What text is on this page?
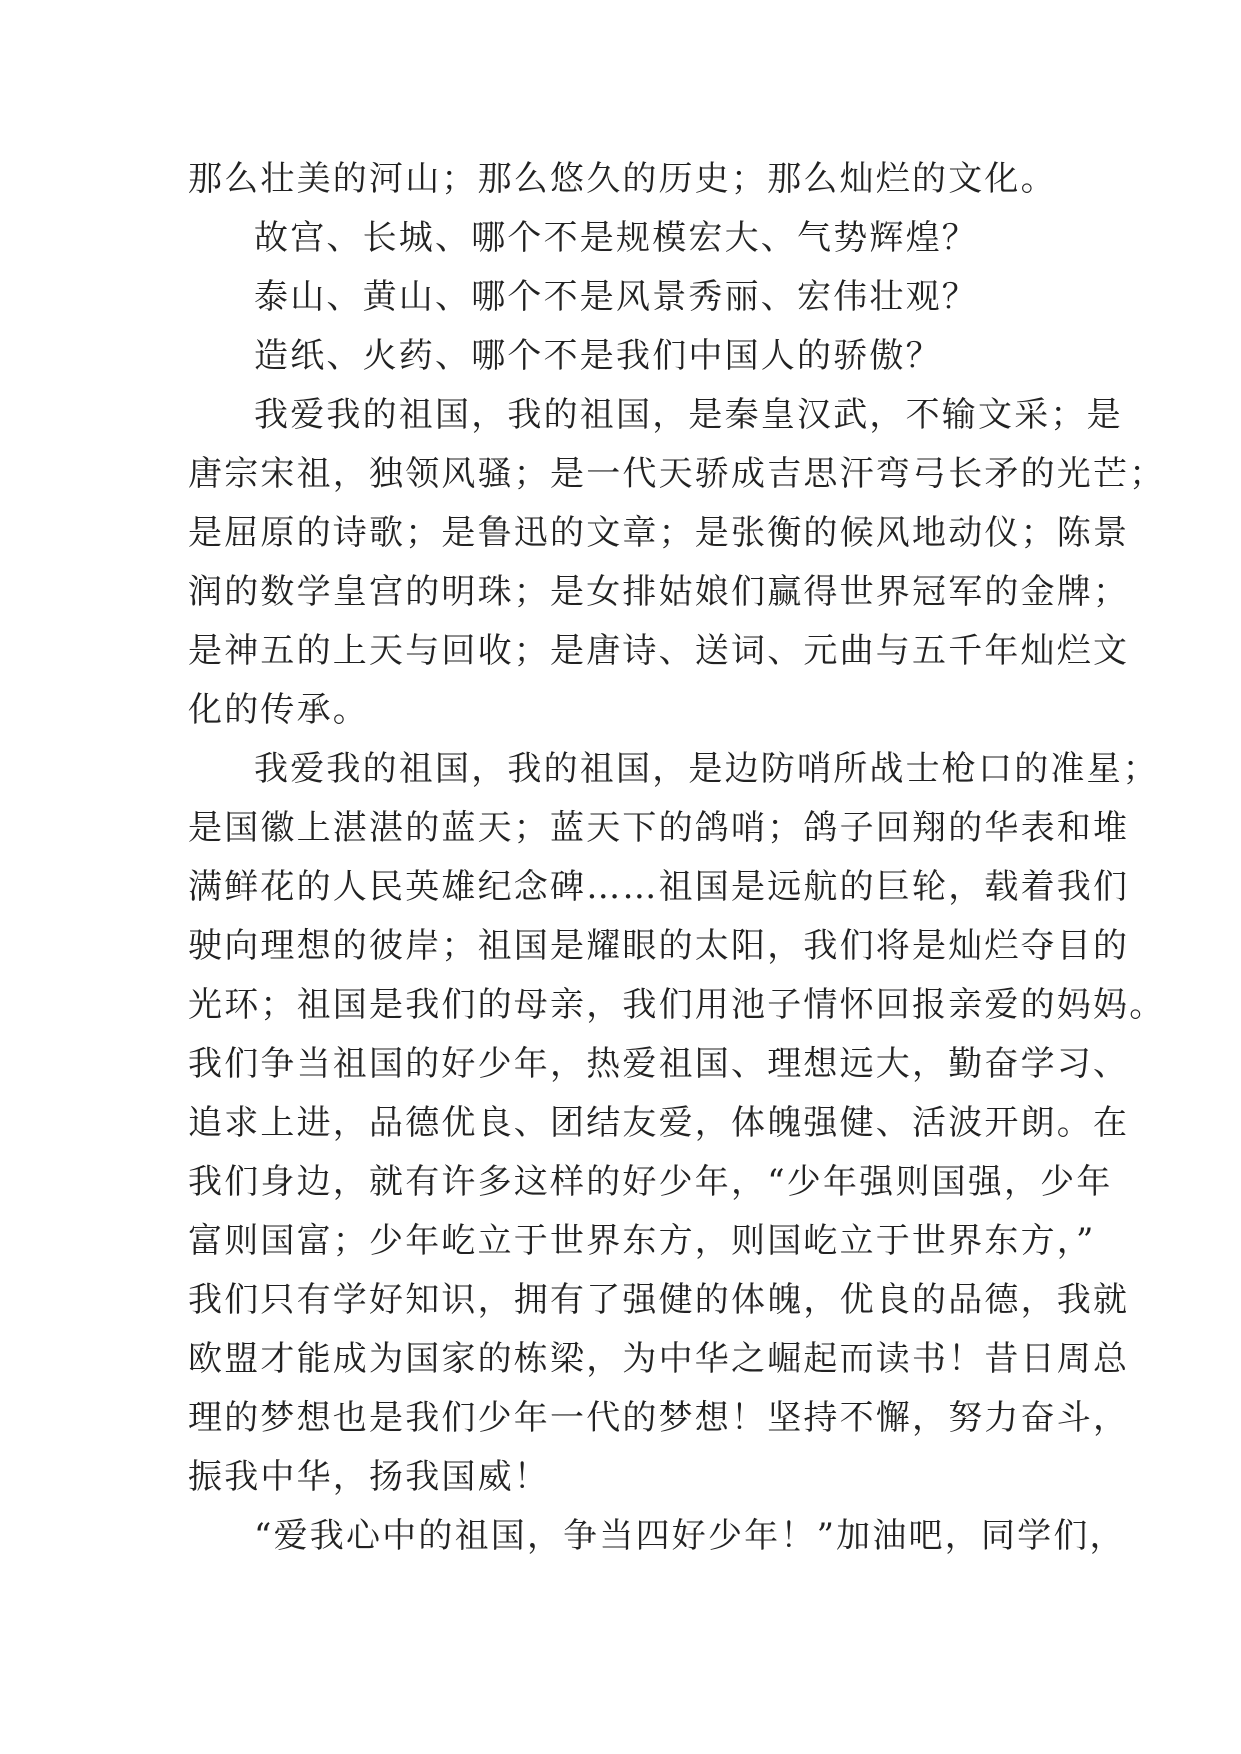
那么壮美的河山；那么悠久的历史；那么灿烂的文化。
故宫、长城、哪个不是规模宏大、气势辉煌？
泰山、黄山、哪个不是风景秀丽、宏伟壮观？
造纸、火药、哪个不是我们中国人的骄傲？
我爱我的祖国，我的祖国，是秦皇汉武，不输文采；是
唐宗宋祖，独领风骚；是一代天骄成吉思汗弯弓长矛的光芒；
是屈原的诗歌；是鲁迅的文章；是张衡的候风地动仪；陈景
润的数学皇宫的明珠；是女排姑娘们赢得世界冠军的金牌；
是神五的上天与回收；是唐诗、送词、元曲与五千年灿烂文
化的传承。
我爱我的祖国，我的祖国，是边防哨所战士枪口的准星；
是国徽上湛湛的蓝天；蓝天下的鸽哨；鸽子回翔的华表和堆
满鲜花的人民英雄纪念碑……祖国是远航的巨轮，载着我们
驶向理想的彼岸；祖国是耀眼的太阳，我们将是灿烂夺目的
光环；祖国是我们的母亲，我们用池子情怀回报亲爱的妈妈。
我们争当祖国的好少年，热爱祖国、理想远大，勤奋学习、
追求上进，品德优良、团结友爱，体魄强健、活波开朗。在
我们身边，就有许多这样的好少年，“少年强则国强，少年
富则国富；少年屹立于世界东方，则国屹立于世界东方，”
我们只有学好知识，拥有了强健的体魄，优良的品德，我就
欧盟才能成为国家的栋梁，为中华之崛起而读书！昔日周总
理的梦想也是我们少年一代的梦想！坚持不懈，努力奋斗，
振我中华，扬我国威！
“爱我心中的祖国，争当四好少年！”加油吧，同学们，
